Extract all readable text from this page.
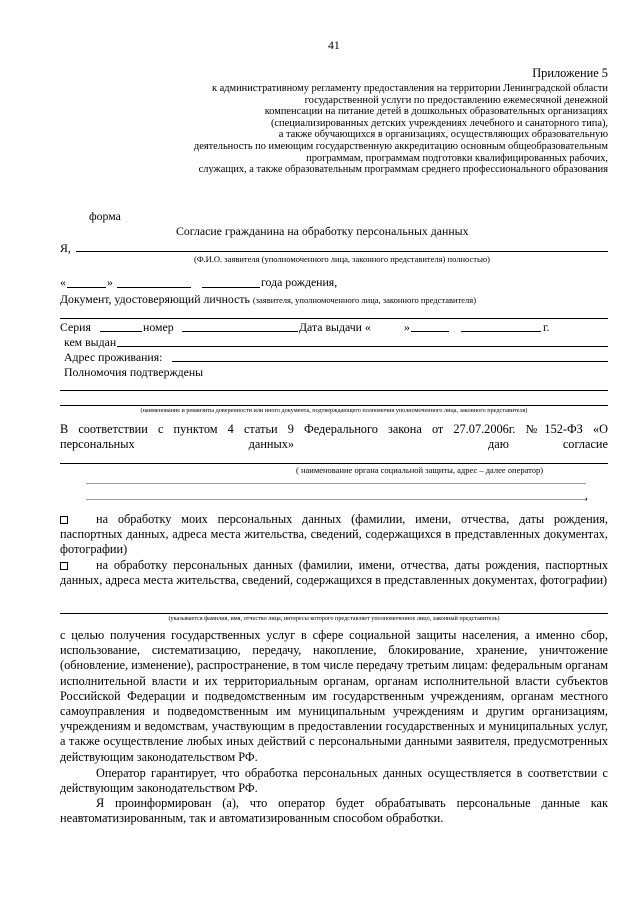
41
Приложение 5
к административному регламенту предоставления на территории Ленинградской области
государственной услуги по предоставлению ежемесячной денежной
компенсации на питание детей в дошкольных образовательных организациях
(специализированных детских учреждениях лечебного и санаторного типа),
а также обучающихся в организациях, осуществляющих образовательную
деятельность по имеющим государственную аккредитацию основным общеобразовательным
программам, программам подготовки квалифицированных рабочих,
служащих, а также образовательным программам среднего профессионального образования
форма
Согласие гражданина на обработку персональных данных
Я,
(Ф.И.О. заявителя (уполномоченного лица, законного представителя) полностью)
«	»	года рождения,
Документ, удостоверяющий личность (заявителя, уполномоченного лица, законного представителя)
Серия	номер	Дата выдачи «	»	г.
кем выдан
Адрес проживания:
Полномочия подтверждены
(наименование и реквизиты доверенности или иного документа, подтверждающего полномочия уполномоченного лица, законного представителя)
В соответствии с пунктом 4 статьи 9 Федерального закона от 27.07.2006г. №152-ФЗ «О
персональных	данных»	даю	согласие
( наименование органа социальной защиты, адрес – далее оператор)
,
на обработку моих персональных данных (фамилии, имени, отчества, даты рождения, паспортных данных, адреса места жительства, сведений, содержащихся в представленных документах, фотографии)
на обработку персональных данных (фамилии, имени, отчества, даты рождения, паспортных данных, адреса места жительства, сведений, содержащихся в представленных документах, фотографии)
(указывается фамилия, имя, отчество лица, интересы которого представляет уполномоченное лицо, законный представитель)
с целью получения государственных услуг в сфере социальной защиты населения, а именно сбор, использование, систематизацию, передачу, накопление, блокирование, хранение, уничтожение (обновление, изменение), распространение, в том числе передачу третьим лицам: федеральным органам исполнительной власти и их территориальным органам, органам исполнительной власти субъектов Российской Федерации и подведомственным им государственным учреждениям, органам местного самоуправления и подведомственным им муниципальным учреждениям и другим организациям, учреждениям и ведомствам, участвующим в предоставлении государственных и муниципальных услуг, а также осуществление любых иных действий с персональными данными заявителя, предусмотренных действующим законодательством РФ.
Оператор гарантирует, что обработка персональных данных осуществляется в соответствии с действующим законодательством РФ.
Я проинформирован (а), что оператор будет обрабатывать персональные данные как неавтоматизированным, так и автоматизированным способом обработки.
